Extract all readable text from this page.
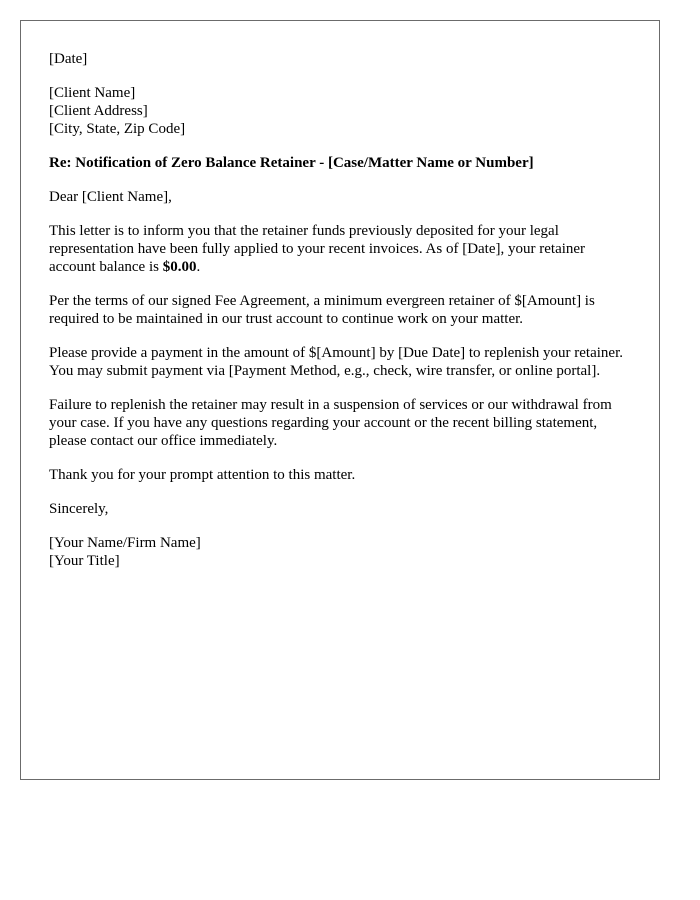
[Date]
[Client Name]
[Client Address]
[City, State, Zip Code]
Re: Notification of Zero Balance Retainer - [Case/Matter Name or Number]
Dear [Client Name],

This letter is to inform you that the retainer funds previously deposited for your legal representation have been fully applied to your recent invoices. As of [Date], your retainer account balance is $0.00.

Per the terms of our signed Fee Agreement, a minimum evergreen retainer of $[Amount] is required to be maintained in our trust account to continue work on your matter.

Please provide a payment in the amount of $[Amount] by [Due Date] to replenish your retainer. You may submit payment via [Payment Method, e.g., check, wire transfer, or online portal].

Failure to replenish the retainer may result in a suspension of services or our withdrawal from your case. If you have any questions regarding your account or the recent billing statement, please contact our office immediately.

Thank you for your prompt attention to this matter.

Sincerely,
[Your Name/Firm Name]
[Your Title]
